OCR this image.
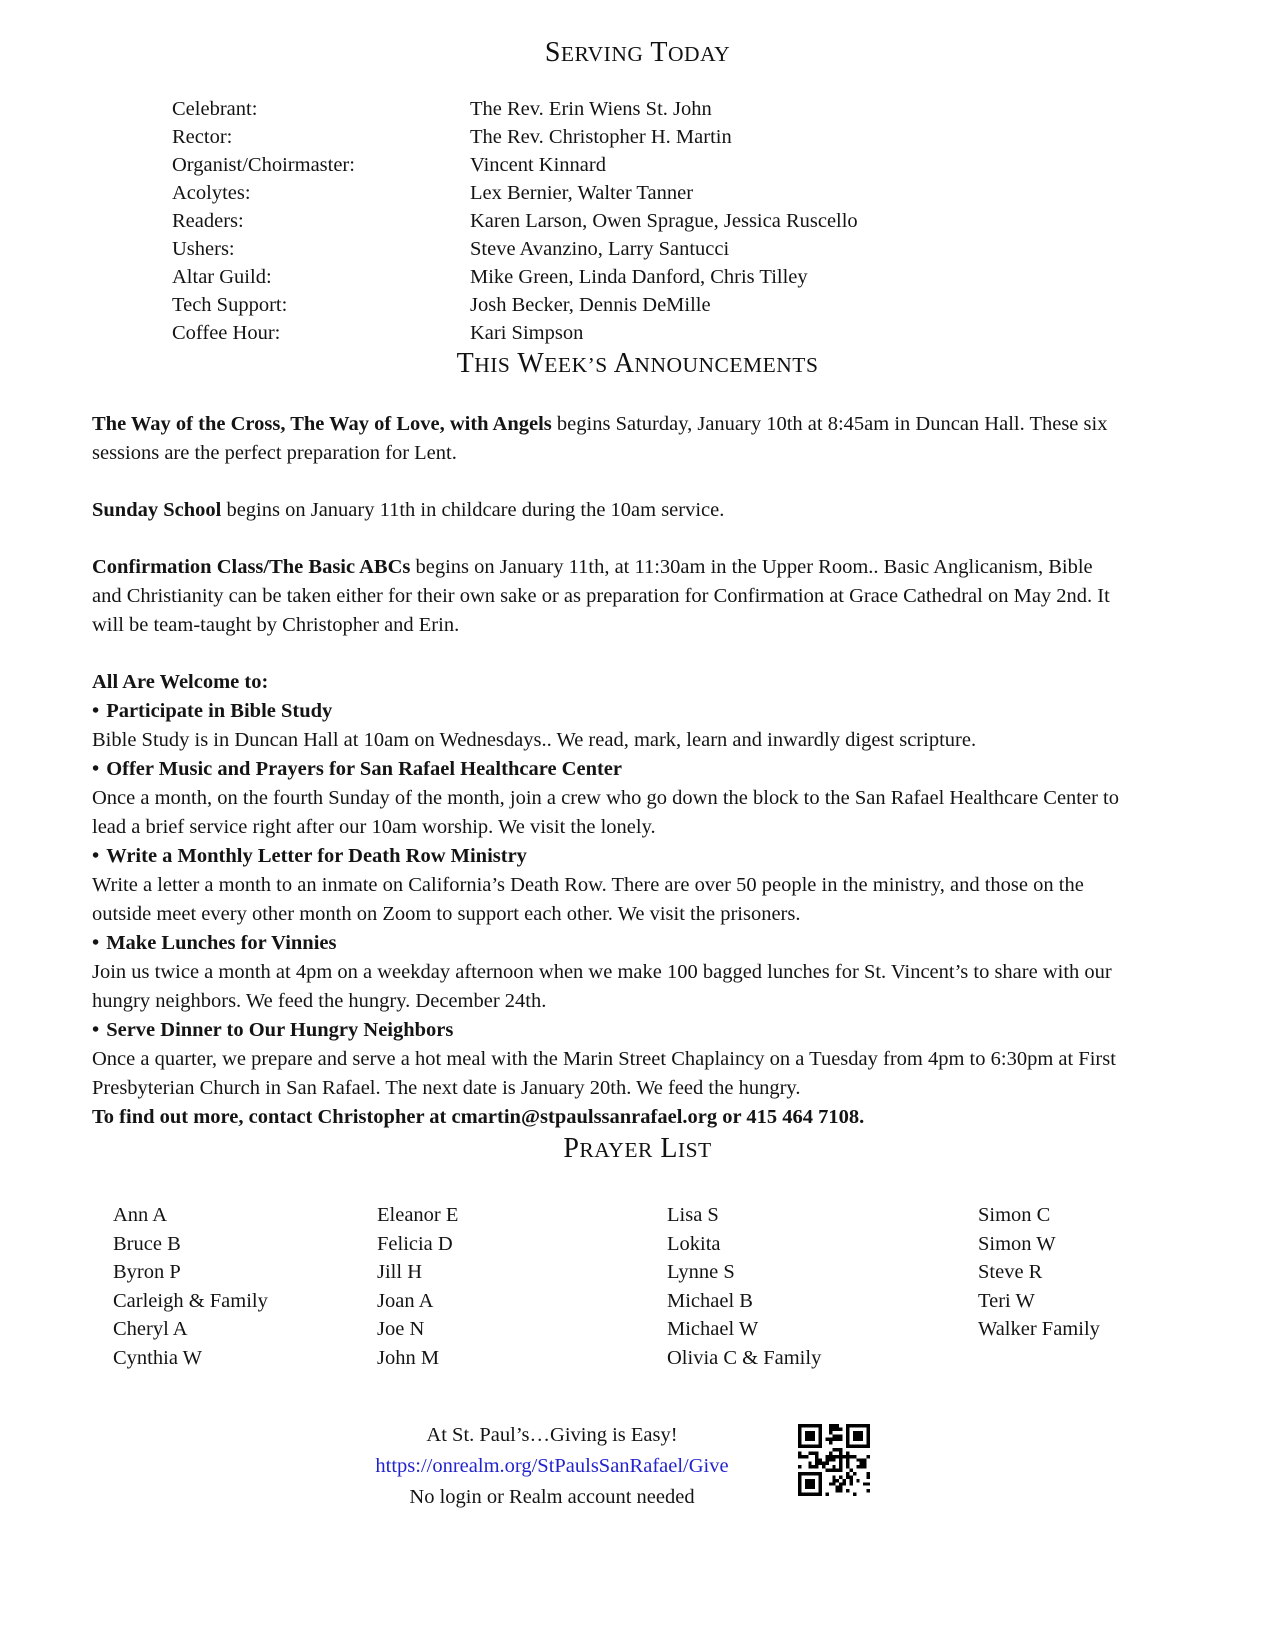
SERVING TODAY
Celebrant:	The Rev. Erin Wiens St. John
Rector:	The Rev. Christopher H. Martin
Organist/Choirmaster:	Vincent Kinnard
Acolytes:	Lex Bernier, Walter Tanner
Readers:	Karen Larson, Owen Sprague, Jessica Ruscello
Ushers:	Steve Avanzino, Larry Santucci
Altar Guild:	Mike Green, Linda Danford, Chris Tilley
Tech Support:	Josh Becker, Dennis DeMille
Coffee Hour:	Kari Simpson
THIS WEEK’S ANNOUNCEMENTS

The Way of the Cross, The Way of Love, with Angels begins Saturday, January 10th at 8:45am in Duncan Hall. These six sessions are the perfect preparation for Lent.

Sunday School begins on January 11th in childcare during the 10am service.

Confirmation Class/The Basic ABCs begins on January 11th, at 11:30am in the Upper Room.. Basic Anglicanism, Bible and Christianity can be taken either for their own sake or as preparation for Confirmation at Grace Cathedral on May 2nd. It will be team-taught by Christopher and Erin.

All Are Welcome to:
• Participate in Bible Study
Bible Study is in Duncan Hall at 10am on Wednesdays.. We read, mark, learn and inwardly digest scripture.
• Offer Music and Prayers for San Rafael Healthcare Center
Once a month, on the fourth Sunday of the month, join a crew who go down the block to the San Rafael Healthcare Center to lead a brief service right after our 10am worship. We visit the lonely.
• Write a Monthly Letter for Death Row Ministry
Write a letter a month to an inmate on California’s Death Row. There are over 50 people in the ministry, and those on the outside meet every other month on Zoom to support each other. We visit the prisoners.
• Make Lunches for Vinnies
Join us twice a month at 4pm on a weekday afternoon when we make 100 bagged lunches for St. Vincent’s to share with our hungry neighbors. We feed the hungry. December 24th.
• Serve Dinner to Our Hungry Neighbors
Once a quarter, we prepare and serve a hot meal with the Marin Street Chaplaincy on a Tuesday from 4pm to 6:30pm at First Presbyterian Church in San Rafael. The next date is January 20th. We feed the hungry.
To find out more, contact Christopher at cmartin@stpaulssanrafael.org or 415 464 7108.
PRAYER LIST
Ann A
Bruce B
Byron P
Carleigh & Family
Cheryl A
Cynthia W
Eleanor E
Felicia D
Jill H
Joan A
Joe N
John M
Lisa S
Lokita
Lynne S
Michael B
Michael W
Olivia C & Family
Simon C
Simon W
Steve R
Teri W
Walker Family
At St. Paul’s…Giving is Easy!
https://onrealm.org/StPaulsSanRafael/Give
No login or Realm account needed
